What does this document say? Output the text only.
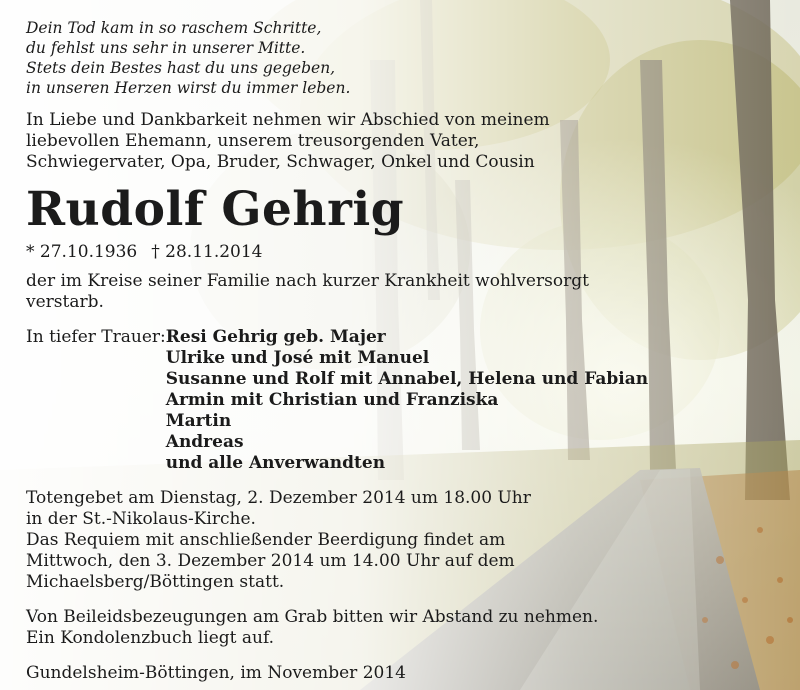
Dein Tod kam in so raschem Schritte,
du fehlst uns sehr in unserer Mitte.
Stets dein Bestes hast du uns gegeben,
in unseren Herzen wirst du immer leben.
In Liebe und Dankbarkeit nehmen wir Abschied von meinem
liebevollen Ehemann, unserem treusorgenden Vater,
Schwiegervater, Opa, Bruder, Schwager, Onkel und Cousin
Rudolf Gehrig
* 27.10.1936 † 28.11.2014
der im Kreise seiner Familie nach kurzer Krankheit wohlversorgt
verstarb.
In tiefer Trauer: Resi Gehrig geb. Majer
Ulrike und José mit Manuel
Susanne und Rolf mit Annabel, Helena und Fabian
Armin mit Christian und Franziska
Martin
Andreas
und alle Anverwandten
Totengebet am Dienstag, 2. Dezember 2014 um 18.00 Uhr
in der St.-Nikolaus-Kirche.
Das Requiem mit anschließender Beerdigung findet am
Mittwoch, den 3. Dezember 2014 um 14.00 Uhr auf dem
Michaelsberg/Böttingen statt.
Von Beileidsbezeugungen am Grab bitten wir Abstand zu nehmen.
Ein Kondolenzbuch liegt auf.
Gundelsheim-Böttingen, im November 2014
